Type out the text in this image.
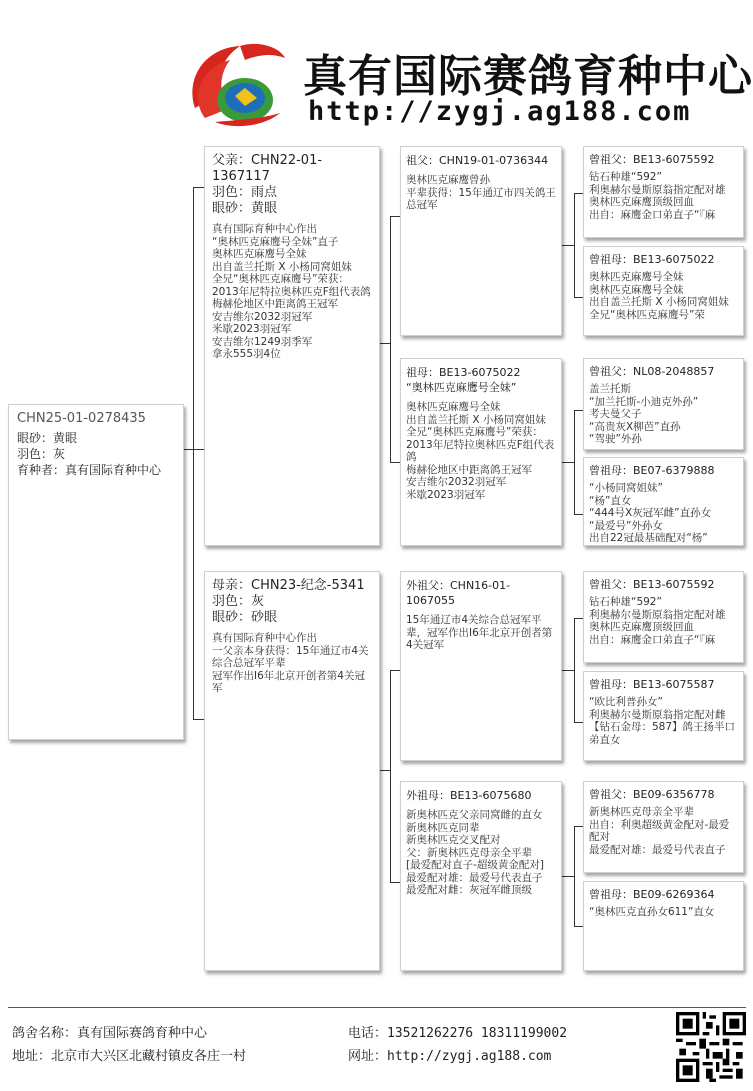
真有国际赛鸽育种中心
http://zygj.ag188.com
CHN25-01-0278435
眼砂：黄眼
羽色：灰
育种者：真有国际育种中心
父亲：CHN22-01-1367117
羽色：雨点
眼砂：黄眼
真有国际育种中心作出
“奥林匹克麻鹰号全妹”直子
奥林匹克麻鹰号全妹
出自盖兰托斯 X 小杨同窝姐妹
全兄“奥林匹克麻鹰号”荣获：
2013年尼特拉奥林匹克F组代表鸽
梅赫伦地区中距离鸽王冠军
安吉维尔2032羽冠军
米歇2023羽冠军
安吉维尔1249羽季军
拿永555羽4位
母亲：CHN23-纪念-5341
羽色：灰
眼砂：砂眼
真有国际育种中心作出
一父亲本身获得：15年通辽市4关综合总冠军平辈
冠军作出I6年北京开创者第4关冠军
祖父：CHN19-01-0736344
奥林匹克麻鹰曾孙
平辈获得：15年通辽市四关鸽王总冠军
祖母：BE13-6075022
“奥林匹克麻鹰号全妹”
奥林匹克麻鹰号全妹
出自盖兰托斯 X 小杨同窝姐妹
全兄“奥林匹克麻鹰号”荣获：
2013年尼特拉奥林匹克F组代表鸽
梅赫伦地区中距离鸽王冠军
安吉维尔2032羽冠军
米歇2023羽冠军
外祖父：CHN16-01-1067055
15年通辽市4关综合总冠军平辈，冠军作出I6年北京开创者第4关冠军
外祖母：BE13-6075680
新奥林匹克父亲同窝雌的直女
新奥林匹克同辈
新奥林匹克交叉配对
父：新奥林匹克母亲全平辈
[最爱配对直子-超级黄金配对]
最爱配对雄：最爱号代表直子
最爱配对雌：灰冠军雌顶级
曾祖父：BE13-6075592
钻石种雄“592”
利奥赫尔曼斯原翁指定配对雄
奥林匹克麻鹰顶级回血
出自：麻鹰金口弟直子“『麻
曾祖母：BE13-6075022
奥林匹克麻鹰号全妹
奥林匹克麻鹰号全妹
出自盖兰托斯 X 小杨同窝姐妹
全兄“奥林匹克麻鹰号”荣
曾祖父：NL08-2048857
盖兰托斯
“加兰托斯-小迪克外孙”
考夫曼父子
“高贵灰X柳芭”直孙
“驾驶”外孙
曾祖母：BE07-6379888
“小杨同窝姐妹”
“杨”直女
“444号X灰冠军雌”直孙女
“最爱号”外孙女
出自22冠最基础配对“杨”
曾祖父：BE13-6075592
钻石种雄“592”
利奥赫尔曼斯原翁指定配对雄
奥林匹克麻鹰顶级回血
出自：麻鹰金口弟直子“『麻
曾祖母：BE13-6075587
“欧比利普孙女”
利奥赫尔曼斯原翁指定配对雌
【钻石金母：587】鸽王扬半口弟直女
曾祖父：BE09-6356778
新奥林匹克母亲全平辈
出自：利奥超级黄金配对-最爱配对
最爱配对雄：最爱号代表直子
曾祖母：BE09-6269364
“奥林匹克直孙女611”直女
鸽舍名称：真有国际赛鸽育种中心	电话：13521262276 18311199002
地址：北京市大兴区北藏村镇皮各庄一村	网址：http://zygj.ag188.com
